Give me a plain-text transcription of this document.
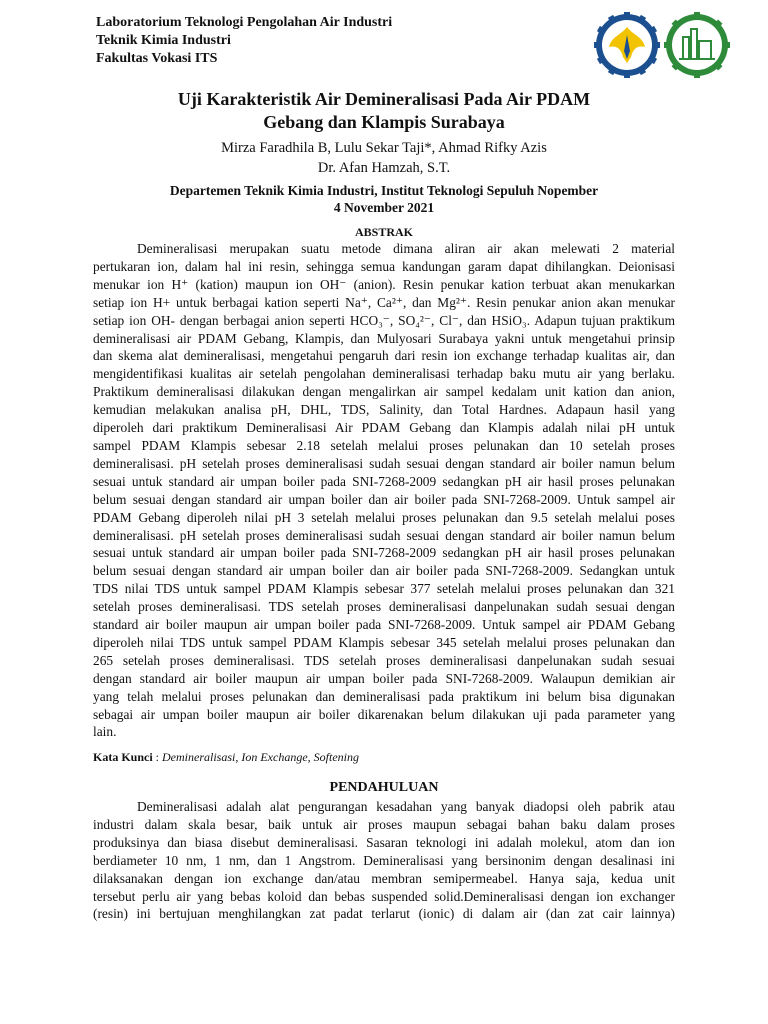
Laboratorium Teknologi Pengolahan Air Industri
Teknik Kimia Industri
Fakultas Vokasi ITS
Uji Karakteristik Air Demineralisasi Pada Air PDAM
Gebang dan Klampis Surabaya
Mirza Faradhila B, Lulu Sekar Taji*, Ahmad Rifky Azis
Dr. Afan Hamzah, S.T.
Departemen Teknik Kimia Industri, Institut Teknologi Sepuluh Nopember
4 November 2021
ABSTRAK
Demineralisasi merupakan suatu metode dimana aliran air akan melewati 2 material
pertukaran ion, dalam hal ini resin, sehingga semua kandungan garam dapat dihilangkan. Deionisasi
menukar ion H⁺ (kation) maupun ion OH⁻ (anion). Resin penukar kation terbuat akan menukarkan
setiap ion H+ untuk berbagai kation seperti Na⁺, Ca²⁺, dan Mg²⁺. Resin penukar anion akan menukar
setiap ion OH- dengan berbagai anion seperti HCO₃⁻, SO₄²⁻, Cl⁻, dan HSiO₃. Adapun tujuan praktikum
demineralisasi air PDAM Gebang, Klampis, dan Mulyosari Surabaya yakni untuk mengetahui prinsip
dan skema alat demineralisasi, mengetahui pengaruh dari resin ion exchange terhadap kualitas air, dan
mengidentifikasi kualitas air setelah pengolahan demineralisasi terhadap baku mutu air yang berlaku.
Praktikum demineralisasi dilakukan dengan mengalirkan air sampel kedalam unit kation dan anion,
kemudian melakukan analisa pH, DHL, TDS, Salinity, dan Total Hardnes. Adapaun hasil yang
diperoleh dari praktikum Demineralisasi Air PDAM Gebang dan Klampis adalah nilai pH untuk
sampel PDAM Klampis sebesar 2.18 setelah melalui proses pelunakan dan 10 setelah proses
demineralisasi. pH setelah proses demineralisasi sudah sesuai dengan standard air boiler namun belum
sesuai untuk standard air umpan boiler pada SNI-7268-2009 sedangkan pH air hasil proses pelunakan
belum sesuai dengan standard air umpan boiler dan air boiler pada SNI-7268-2009. Untuk sampel air
PDAM Gebang diperoleh nilai pH 3 setelah melalui proses pelunakan dan 9.5 setelah melalui poses
demineralisasi. pH setelah proses demineralisasi sudah sesuai dengan standard air boiler namun belum
sesuai untuk standard air umpan boiler pada SNI-7268-2009 sedangkan pH air hasil proses pelunakan
belum sesuai dengan standard air umpan boiler dan air boiler pada SNI-7268-2009. Sedangkan untuk
TDS nilai TDS untuk sampel PDAM Klampis sebesar 377 setelah melalui proses pelunakan dan 321
setelah proses demineralisasi. TDS setelah proses demineralisasi danpelunakan sudah sesuai dengan
standard air boiler maupun air umpan boiler pada SNI-7268-2009. Untuk sampel air PDAM Gebang
diperoleh nilai TDS untuk sampel PDAM Klampis sebesar 345 setelah melalui proses pelunakan dan
265 setelah proses demineralisasi. TDS setelah proses demineralisasi danpelunakan sudah sesuai
dengan standard air boiler maupun air umpan boiler pada SNI-7268-2009. Walaupun demikian air
yang telah melalui proses pelunakan dan demineralisasi pada praktikum ini belum bisa digunakan
sebagai air umpan boiler maupun air boiler dikarenakan belum dilakukan uji pada parameter yang
lain.
Kata Kunci : Demineralisasi, Ion Exchange, Softening
PENDAHULUAN
Demineralisasi adalah alat pengurangan kesadahan yang banyak diadopsi oleh pabrik atau
industri dalam skala besar, baik untuk air proses maupun sebagai bahan baku dalam proses
produksinya dan biasa disebut demineralisasi. Sasaran teknologi ini adalah molekul, atom dan ion
berdiameter 10 nm, 1 nm, dan 1 Angstrom. Demineralisasi yang bersinonim dengan desalinasi ini
dilaksanakan dengan ion exchange dan/atau membran semipermeabel. Hanya saja, kedua unit
tersebut perlu air yang bebas koloid dan bebas suspended solid.Demineralisasi dengan ion exchanger
(resin) ini bertujuan menghilangkan zat padat terlarut (ionic) di dalam air (dan zat cair lainnya)
